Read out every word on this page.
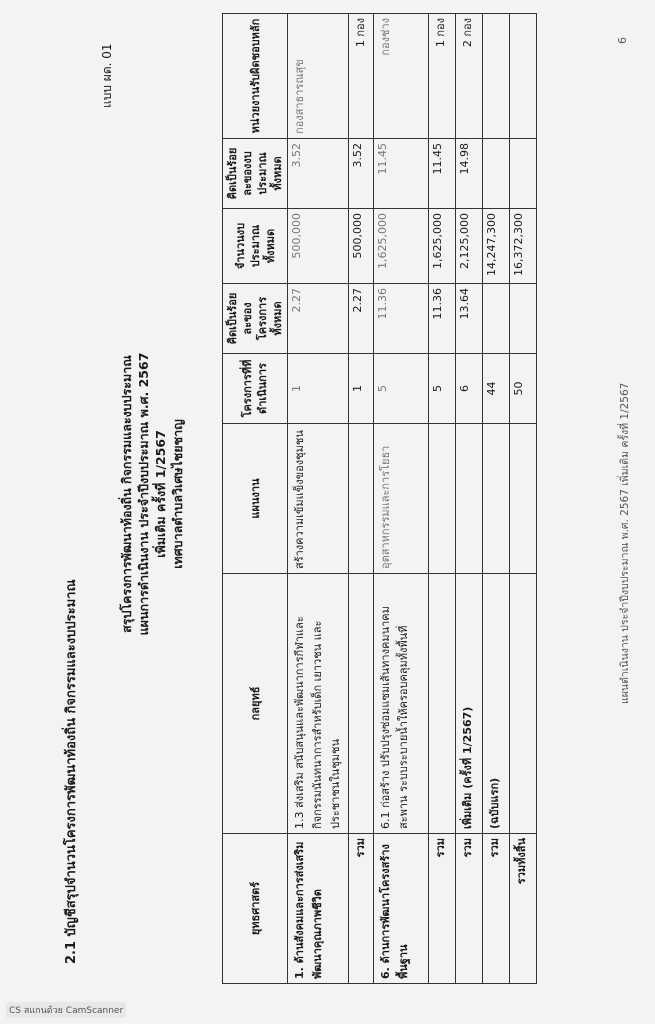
2.1 บัญชีสรุปจำนวนโครงการพัฒนาท้องถิ่น กิจกรรมและงบประมาณ
แบบ ผด. 01
สรุปโครงการพัฒนาท้องถิ่น กิจกรรมและงบประมาณ แผนการดำเนินงาน ประจำปีงบประมาณ พ.ศ. 2567 เพิ่มเติม ครั้งที่ 1/2567 เทศบาลตำบลวิเศษไชยชาญ
ยุทธศาสตร์	กลยุทธ์	แผนงาน	โครงการที่ที่ดำเนินการ	คิดเป็นร้อยละของโครงการทั้งหมด	จำนวนงบประมาณทั้งหมด	คิดเป็นร้อยละของงบประมาณทั้งหมด	หน่วยงานรับผิดชอบหลัก
1. ด้านสังคมและการส่งเสริมพัฒนาคุณภาพชีวิต	1.3 ส่งเสริม สนับสนุนและพัฒนาการกีฬาและกิจกรรมนันทนาการสำหรับเด็ก เยาวชน และประชาชนในชุมชน	สร้างความเข้มแข็งของชุมชน	1	2.27	500,000	3.52	กองสาธารณสุข
รวม			1	2.27	500,000	3.52	1 กอง
6. ด้านการพัฒนาโครงสร้างพื้นฐาน	6.1 ก่อสร้าง ปรับปรุงซ่อมแซมเส้นทางคมนาคม สะพาน ระบบระบายน้ำให้ครอบคลุมทั้งพื้นที่	อุตสาหกรรมและการโยธา	5	11.36	1,625,000	11.45	กองช่าง
รวม			5	11.36	1,625,000	11.45	1 กอง
รวม	เพิ่มเติม (ครั้งที่ 1/2567)		6	13.64	2,125,000	14.98	2 กอง
รวม	(ฉบับแรก)		44		14,247,300		
รวมทั้งสิ้น			50		16,372,300		
แผนดำเนินงาน ประจำปีงบประมาณ พ.ศ. 2567 เพิ่มเติม ครั้งที่ 1/2567
6
CS สแกนด้วย CamScanner
